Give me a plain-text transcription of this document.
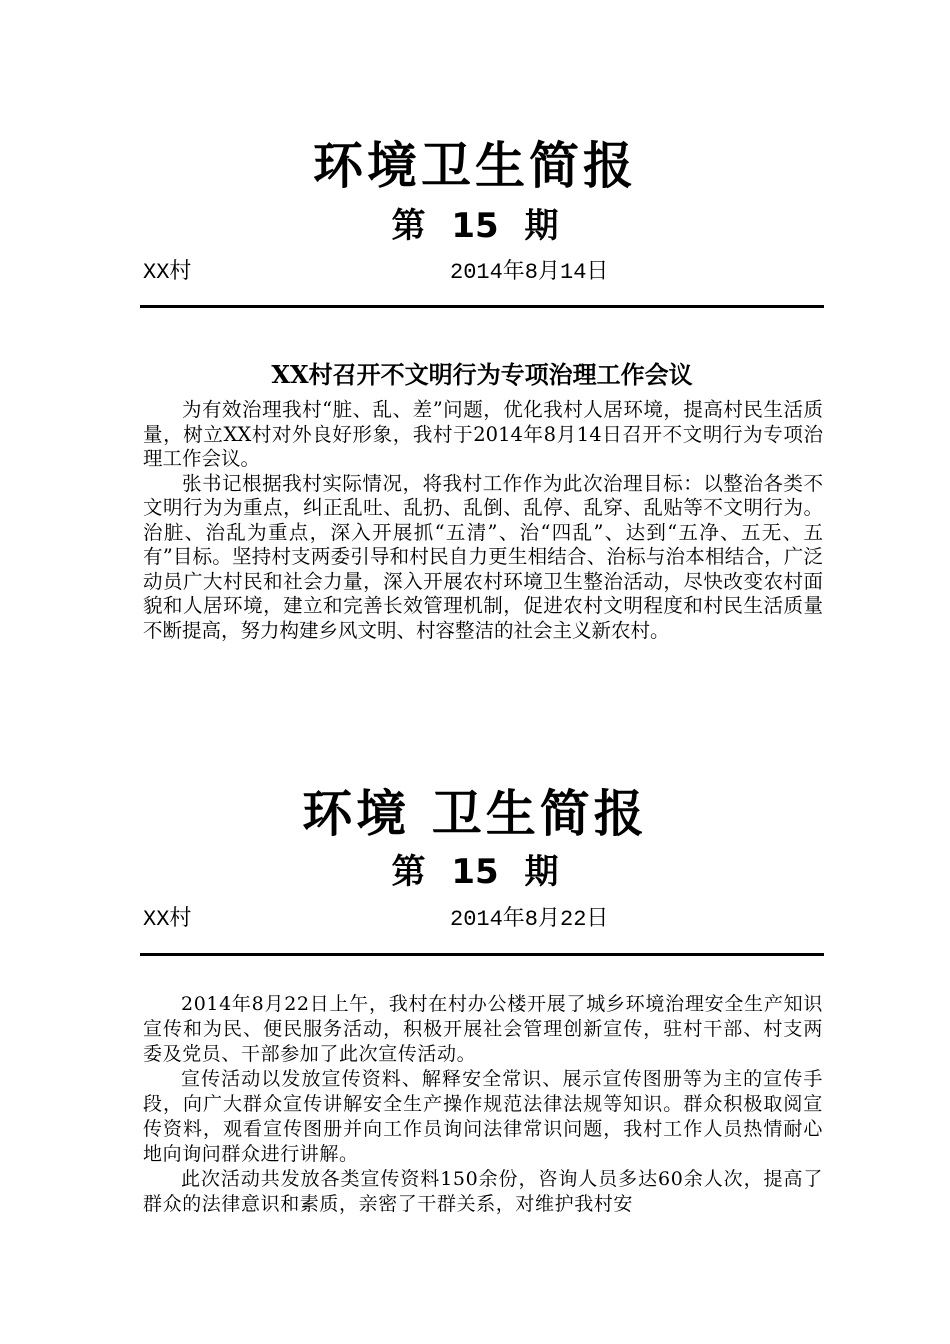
环境卫生简报
第 15 期
XX村	2014年8月14日
XX村召开不文明行为专项治理工作会议

为有效治理我村“脏、乱、差”问题，优化我村人居环境，提高村民生活质量，树立XX村对外良好形象，我村于2014年8月14日召开不文明行为专项治理工作会议。

张书记根据我村实际情况，将我村工作作为此次治理目标：以整治各类不文明行为为重点，纠正乱吐、乱扔、乱倒、乱停、乱穿、乱贴等不文明行为。治脏、治乱为重点，深入开展抓“五清”、治“四乱”、达到“五净、五无、五有”目标。坚持村支两委引导和村民自力更生相结合、治标与治本相结合，广泛动员广大村民和社会力量，深入开展农村环境卫生整治活动，尽快改变农村面貌和人居环境，建立和完善长效管理机制，促进农村文明程度和村民生活质量不断提高，努力构建乡风文明、村容整洁的社会主义新农村。

环境 卫生简报
第 15 期
XX村	2014年8月22日

2014年8月22日上午，我村在村办公楼开展了城乡环境治理安全生产知识宣传和为民、便民服务活动，积极开展社会管理创新宣传，驻村干部、村支两委及党员、干部参加了此次宣传活动。

宣传活动以发放宣传资料、解释安全常识、展示宣传图册等为主的宣传手段，向广大群众宣传讲解安全生产操作规范法律法规等知识。群众积极取阅宣传资料，观看宣传图册并向工作员询问法律常识问题，我村工作人员热情耐心地向询问群众进行讲解。

此次活动共发放各类宣传资料150余份，咨询人员多达60余人次，提高了群众的法律意识和素质，亲密了干群关系，对维护我村安
